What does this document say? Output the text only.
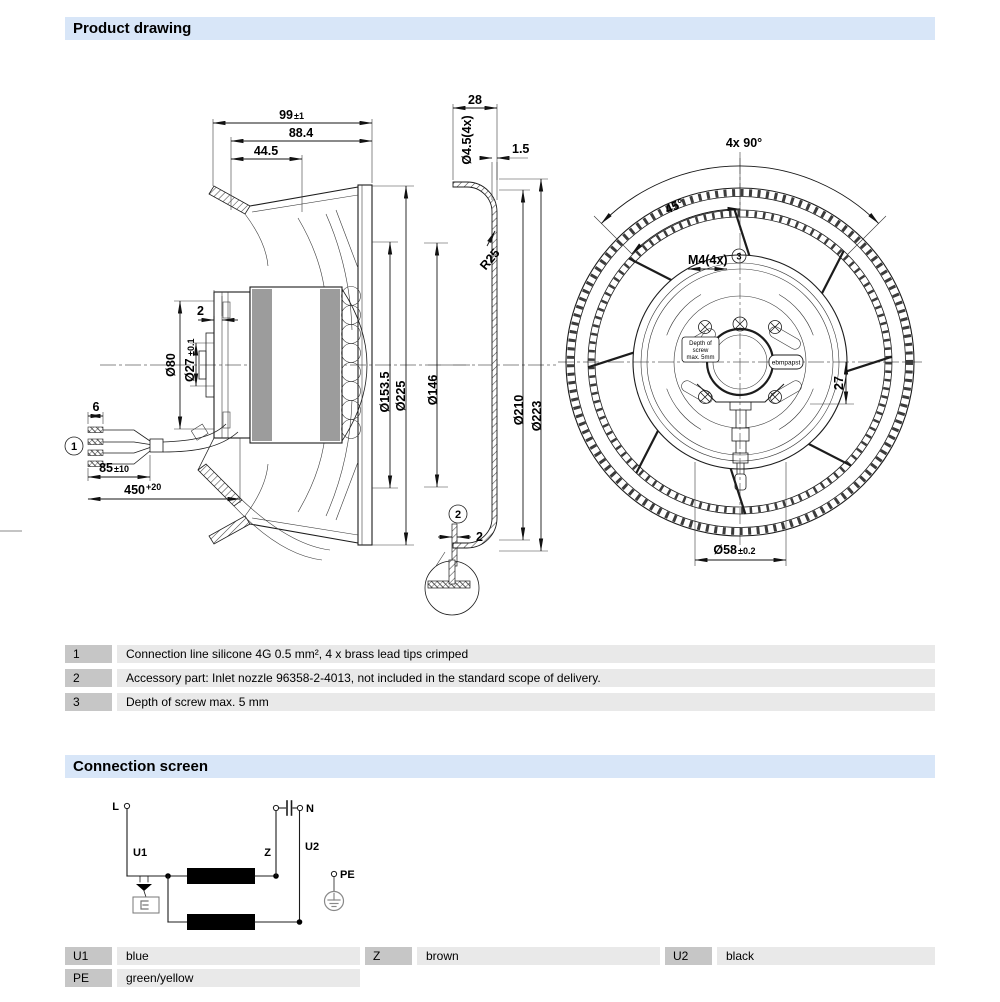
Product drawing
1
99 ±1
88.4
44.5
Ø80 Ø27
±0.1
2
Ø153.5 Ø225
6
85 ±10
450 +20
28
Ø4.5(4x)	1.5
R25
Ø146
Ø210 Ø223
2
2
Depth of
screw
max. 5mm
ebmpapst
4x 90°
45°
M4(4x) 3
27
Ø58 ±0.2
1	Connection line silicone 4G 0.5 mm², 4 x brass lead tips crimped
2	Accessory part: Inlet nozzle 96358-2-4013, not included in the standard scope of delivery.
3	Depth of screw max. 5 mm
Connection screen
L
U1	Z
N
U2
PE
U1	blue	Z	brown	U2	black
PE	green/yellow
